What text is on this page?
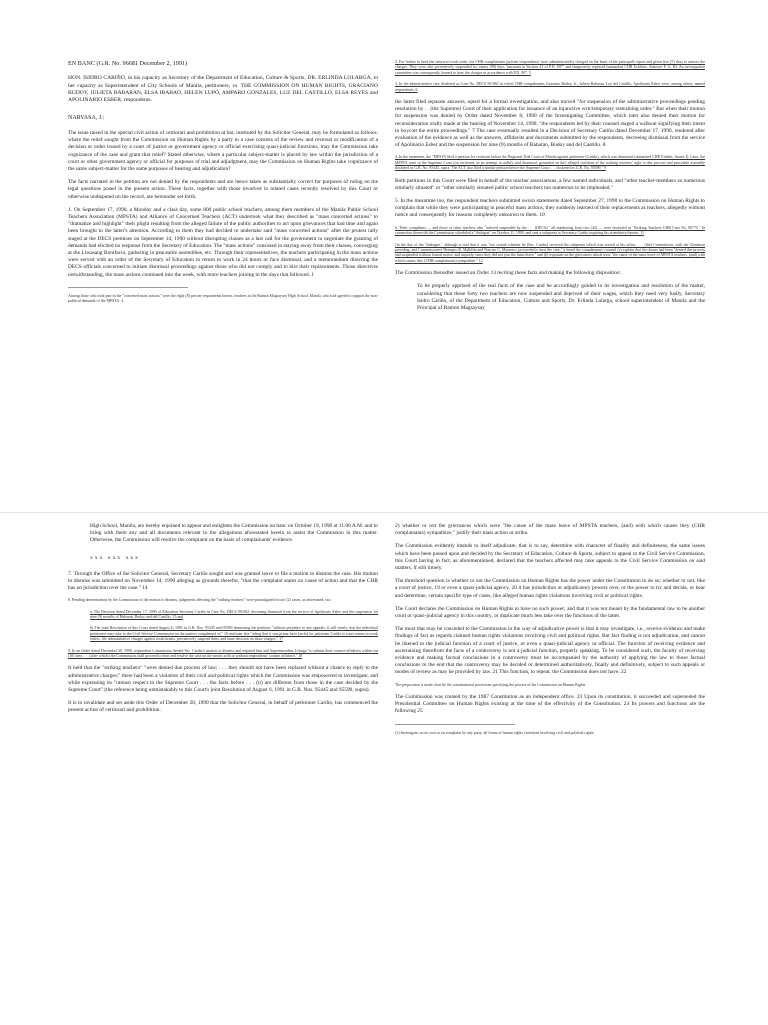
EN BANC (G.R. No. 96681 December 2, 1991)

HON. ISIDRO CARIÑO, in his capacity as Secretary of the Department of Education, Culture & Sports, DR. ERLINDA LOLARGA, in her capacity as Superintendent of City Schools of Manila, petitioners, vs. THE COMMISSION ON HUMAN RIGHTS, GRACIANO BUDOY, JULIETA BABARAN, ELSA IBABAO, HELEN LUPO, AMPARO GONZALES, LUZ DEL CASTILLO, ELSA REYES and APOLINARIO ESBER, respondents.

NARVASA, J.:

The issue raised in the special civil action of certiorari and prohibition at bar, instituted by the Solicitor General, may be formulated as follows: where the relief sought from the Commission on Human Rights by a party in a case consists of the review and reversal or modification of a decision or order issued by a court of justice or government agency or official exercising quasi-judicial functions, may the Commission take cognizance of the case and grant that relief? Stated otherwise, where a particular subject-matter is placed by law within the jurisdiction of a court or other government agency or official for purposes of trial and adjudgment, may the Commission on Human Rights take cognizance of the same subject-matter for the same purposes of hearing and adjudication?

The facts narrated in the petition are not denied by the respondents and are hence taken as substantially correct for purposes of ruling on the legal questions posed in the present action. These facts, together with those involved in related cases recently resolved by this Court or otherwise undisputed on the record, are hereunder set forth.

1. On September 17, 1990, a Monday and a class day, some 800 public school teachers, among them members of the Manila Public School Teachers Association (MPSTA) and Alliance of Concerned Teachers (ACT) undertook what they described as "mass concerted actions" to "dramatize and highlight" their plight resulting from the alleged failure of the public authorities to act upon grievances that had time and again been brought to the latter's attention. According to them they had decided to undertake said "mass concerted actions" after the protest rally staged at the DECS premises on September 14, 1990 without disrupting classes as a last call for the government to negotiate the granting of demands had elicited no response from the Secretary of Education. The "mass actions" consisted in staying away from their classes, converging at the Liwasang Bonifacio, gathering in peaceable assemblies, etc. Through their representatives, the teachers participating in the mass actions were served with an order of the Secretary of Education to return to work in 24 hours or face dismissal, and a memorandum directing the DECS officials concerned to initiate dismissal proceedings against those who did not comply and to hire their replacements. Those directives notwithstanding, the mass actions continued into the week, with more teachers joining in the days that followed. 1

Among those who took part in the "concerted mass actions" were the eight (8) private respondents herein, teachers at the Ramon Magsaysay High School, Manila, who had agreed to support the non-political demands of the MPSTA. 4

2. For failure to heed the return-to-work order, the CHR complainants (private respondents) were administratively charged on the basis of the principal's report and given five (5) days to answer the charges. They were also preventively suspended for ninety (90) days "pursuant to Section 41 of P.D. 807" and temporarily replaced (unmarked CHR Exhibits, Annexes F, G, H). An investigation committee was consequently formed to hear the charges in accordance with P.D. 807. 5

3. In the administrative case docketed as Case No. DECS 90-082 in which CHR complainants Graciano Budoy, Jr., Julieta Babaran, Luz del Castillo, Apolinario Esber were, among others, named respondents, 6

the latter filed separate answers, opted for a formal investigation, and also moved "for suspension of the administrative proceedings pending resolution by . . (the Supreme) Court of their application for issuance of an injunctive writ/temporary restraining order." But when their motion for suspension was denied by Order dated November 8, 1990 of the Investigating Committee, which later also denied their motion for reconsideration orally made at the hearing of November 14, 1990, "the respondents led by their counsel staged a walkout signifying their intent to boycott the entire proceedings." 7 The case eventually resulted in a Decision of Secretary Cariño dated December 17, 1990, rendered after evaluation of the evidence as well as the answers, affidavits and documents submitted by the respondents, decreeing dismissal from the service of Apolinario Esber and the suspension for nine (9) months of Babaran, Budoy and del Castillo. 8

4. In the meantime, the "MPSTA filed a petition for certiorari before the Regional Trial Court of Manila against petitioner (Cariño), which was dismissed (unmarked CHR Exhibit, Annex I). Later, the MPSTA went to the Supreme Court (on certiorari, in an attempt to nullify said dismissal, grounded on the) alleged violation of the striking teachers' right to due process and peaceable assembly docketed as G.R. No. 95445, supra. The ACT also filed a similar petition before the Supreme Court . . . docketed as G.R. No. 95590." 9

Both petitions in this Court were filed in behalf of the teacher associations, a few named individuals, and "other teacher-members so numerous similarly situated" or "other similarly situated public school teachers too numerous to be impleaded."

5. In the meantime too, the respondent teachers submitted sworn statements dated September 27, 1990 to the Commission on Human Rights to complain that while they were participating in peaceful mass actions, they suddenly learned of their replacements as teachers, allegedly without notice and consequently for reasons completely unknown to them. 10

6. Their complaints — and those of other teachers also "ordered suspended by the . . . (DECS)," all numbering forty-two (42) — were docketed as "Striking Teachers CHR Case No. 90775." In connection therewith the Commission scheduled a "dialogue" on October 11, 1990, and sent a subpoena to Secretary Cariño requiring his attendance therein. 11

On the day of the "dialogue," although it said that it was "not certain whether he (Sec. Cariño) received the subpoena which was served at his office, . . . (the) Commission, with the Chairman presiding, and Commissioners Hesiquio R. Mallillin and Narciso C. Monteiro, proceeded to hear the case;" it heard the complainants' counsel (a) explain that his clients had been "denied due process and suspended without formal notice, and unjustly, since they did not join the mass leave," and (b) expatiate on the grievances which were "the cause of the mass leave of MPSTA teachers, (and) with which causes they (CHR complainants) sympathize." 12

The Commission thereafter issued an Order 13 reciting these facts and making the following disposition:

To be properly apprised of the real facts of the case and be accordingly guided in its investigation and resolution of the matter, considering that these forty two teachers are now suspended and deprived of their wages, which they need very badly, Secretary Isidro Cariño, of the Department of Education, Culture and Sports, Dr. Erlinda Lolarga, school superintendent of Manila and the Principal of Ramon Magsaysay

High School, Manila, are hereby enjoined to appear and enlighten the Commission en banc on October 19, 1990 at 11:00 A.M. and to bring with them any and all documents relevant to the allegations aforestated herein to assist the Commission in this matter. Otherwise, the Commission will resolve the complaint on the basis of complainants' evidence.

xxx xxx xxx

7. Through the Office of the Solicitor General, Secretary Cariño sought and was granted leave to file a motion to dismiss the case. His motion to dismiss was submitted on November 14, 1990 alleging as grounds therefor, "that the complaint states no cause of action and that the CHR has no jurisdiction over the case." 14

8. Pending determination by the Commission of the motion to dismiss, judgments affecting the "striking teachers" were promulgated in two (2) cases, as aforestated, viz.:

a. The Decision dated December 17, 1990 of Education Secretary Cariño in Case No. DECS 90-082, decreeing dismissal from the service of Apolinario Esber and the suspension for nine (9) months of Babaran, Budoy and del Castillo; 15 and

b) The joint Resolution of this Court dated August 6, 1991 in G.R. Nos. 95445 and 95590 dismissing the petitions "without prejudice to any appeals, if still timely, that the individual petitioners may take to the Civil Service Commission on the matters complained of," 16 and inter alia "ruling that it was prima facie lawful for petitioner Cariño to issue return-to-work orders, file administrative charges against recalcitrants, preventively suspend them, and issue decision on those charges." 17

9. In an Order dated December 28, 1990, respondent Commission denied Sec. Cariño's motion to dismiss and required him and Superintendent Lolarga "to submit their counter-affidavits within ten (10) days . . . (after which) the Commission shall proceed to hear and resolve the case on the merits with or without respondents' counter affidavit." 18

It held that the "striking teachers" "were denied due process of law; . . . they should not have been replaced without a chance to reply to the administrative charges;" there had been a violation of their civil and political rights which the Commission was empowered to investigate; and while expressing its "utmost respect to the Supreme Court . . . the facts before . . . (it) are different from those in the case decided by the Supreme Court" (the reference being unmistakably to this Court's joint Resolution of August 6, 1991 in G.R. Nos. 95445 and 95590, supra).

It is to invalidate and set aside this Order of December 28, 1990 that the Solicitor General, in behalf of petitioner Cariño, has commenced the present action of certiorari and prohibition.

2) whether or not the grievances which were "the cause of the mass leave of MPSTA teachers, (and) with which causes they (CHR complainants) sympathize," justify their mass action or strike.

The Commission evidently intends to itself adjudicate, that is to say, determine with character of finality and definiteness, the same issues which have been passed upon and decided by the Secretary of Education, Culture & Sports, subject to appeal to the Civil Service Commission, this Court having in fact, as aforementioned, declared that the teachers affected may take appeals to the Civil Service Commission on said matters, if still timely.

The threshold question is whether or not the Commission on Human Rights has the power under the Constitution to do so; whether or not, like a court of justice, 19 or even a quasi-judicial agency, 20 it has jurisdiction or adjudicatory powers over, or the power to try and decide, or hear and determine, certain specific type of cases, like alleged human rights violations involving civil or political rights.

The Court declares the Commission on Human Rights to have no such power; and that it was not meant by the fundamental law to be another court or quasi-judicial agency in this country, or duplicate much less take over the functions of the latter.

The most that may be conceded to the Commission in the way of adjudicative power is that it may investigate, i.e., receive evidence and make findings of fact as regards claimed human rights violations involving civil and political rights. But fact finding is not adjudication, and cannot be likened to the judicial function of a court of justice, or even a quasi-judicial agency or official. The function of receiving evidence and ascertaining therefrom the facts of a controversy is not a judicial function, properly speaking. To be considered such, the faculty of receiving evidence and making factual conclusions in a controversy must be accompanied by the authority of applying the law to those factual conclusions to the end that the controversy may be decided or determined authoritatively, finally and definitively, subject to such appeals or modes of review as may be provided by law. 21 This function, to repeat, the Commission does not have. 22

The proposition is made clear by the constitutional provisions specifying the powers of the Commission on Human Rights.

The Commission was created by the 1987 Constitution as an independent office. 23 Upon its constitution, it succeeded and superseded the Presidential Committee on Human Rights existing at the time of the effectivity of the Constitution. 24 Its powers and functions are the following 25

(1) Investigate, on its own or on complaint by any party, all forms of human rights violations involving civil and political rights;
